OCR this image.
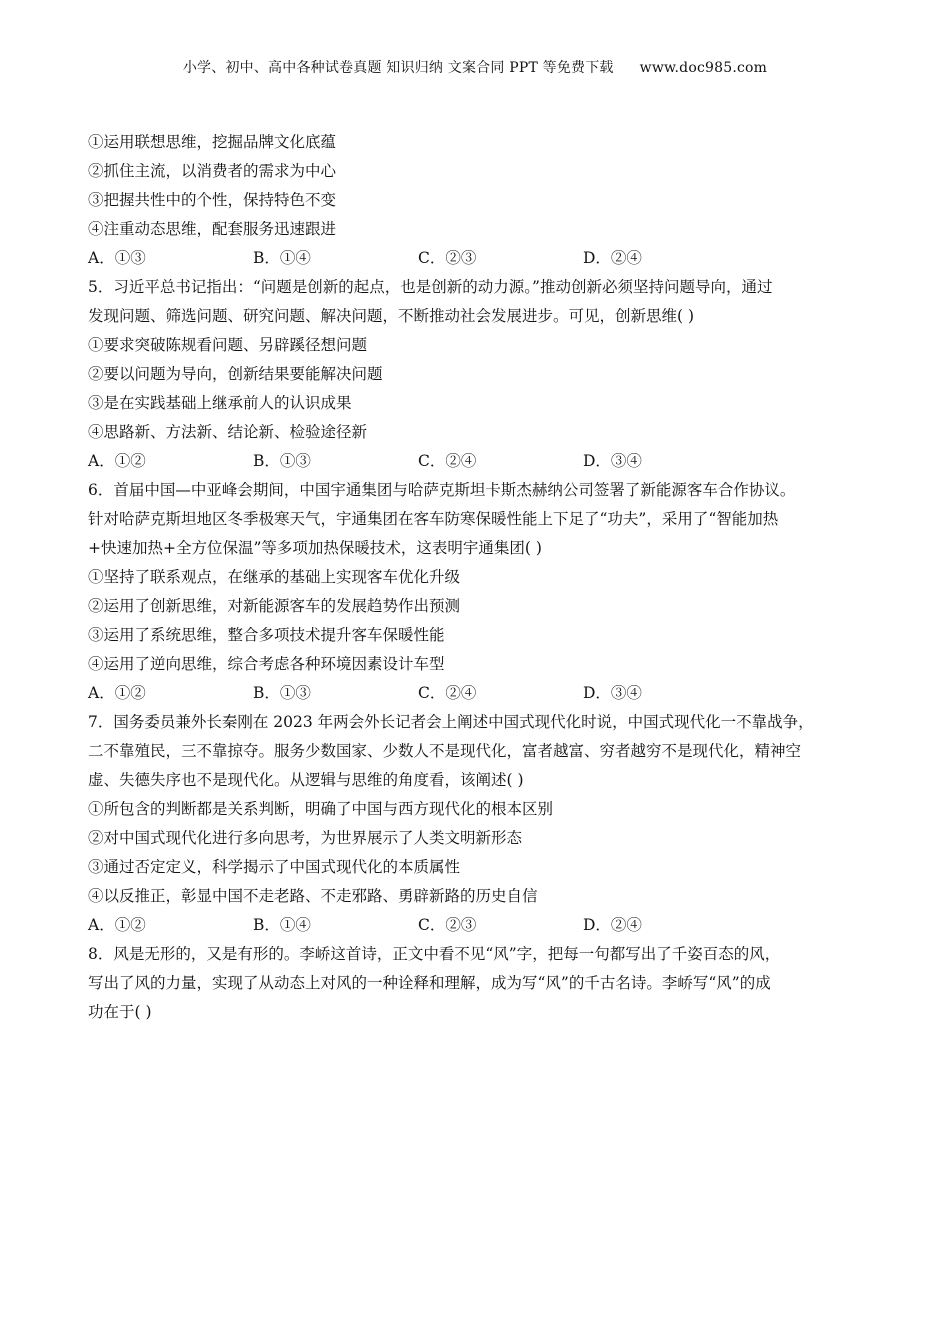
小学、初中、高中各种试卷真题 知识归纳 文案合同 PPT 等免费下载 www.doc985.com
①运用联想思维，挖掘品牌文化底蕴
②抓住主流，以消费者的需求为中心
③把握共性中的个性，保持特色不变
④注重动态思维，配套服务迅速跟进
A．①③	B．①④	C．②③	D．②④
5．习近平总书记指出：“问题是创新的起点，也是创新的动力源。”推动创新必须坚持问题导向，通过
发现问题、筛选问题、研究问题、解决问题，不断推动社会发展进步。可见，创新思维( )
①要求突破陈规看问题、另辟蹊径想问题
②要以问题为导向，创新结果要能解决问题
③是在实践基础上继承前人的认识成果
④思路新、方法新、结论新、检验途径新
A．①②	B．①③	C．②④	D．③④
6．首届中国—中亚峰会期间，中国宇通集团与哈萨克斯坦卡斯杰赫纳公司签署了新能源客车合作协议。
针对哈萨克斯坦地区冬季极寒天气，宇通集团在客车防寒保暖性能上下足了“功夫”，采用了“智能加热
+快速加热+全方位保温”等多项加热保暖技术，这表明宇通集团( )
①坚持了联系观点，在继承的基础上实现客车优化升级
②运用了创新思维，对新能源客车的发展趋势作出预测
③运用了系统思维，整合多项技术提升客车保暖性能
④运用了逆向思维，综合考虑各种环境因素设计车型
A．①②	B．①③	C．②④	D．③④
7．国务委员兼外长秦刚在 2023 年两会外长记者会上阐述中国式现代化时说，中国式现代化一不靠战争，
二不靠殖民，三不靠掠夺。服务少数国家、少数人不是现代化，富者越富、穷者越穷不是现代化，精神空
虚、失德失序也不是现代化。从逻辑与思维的角度看，该阐述( )
①所包含的判断都是关系判断，明确了中国与西方现代化的根本区别
②对中国式现代化进行多向思考，为世界展示了人类文明新形态
③通过否定定义，科学揭示了中国式现代化的本质属性
④以反推正，彰显中国不走老路、不走邪路、勇辟新路的历史自信
A．①②	B．①④	C．②③	D．②④
8．风是无形的，又是有形的。李峤这首诗，正文中看不见“风”字，把每一句都写出了千姿百态的风，
写出了风的力量，实现了从动态上对风的一种诠释和理解，成为写“风”的千古名诗。李峤写“风”的成
功在于( )
